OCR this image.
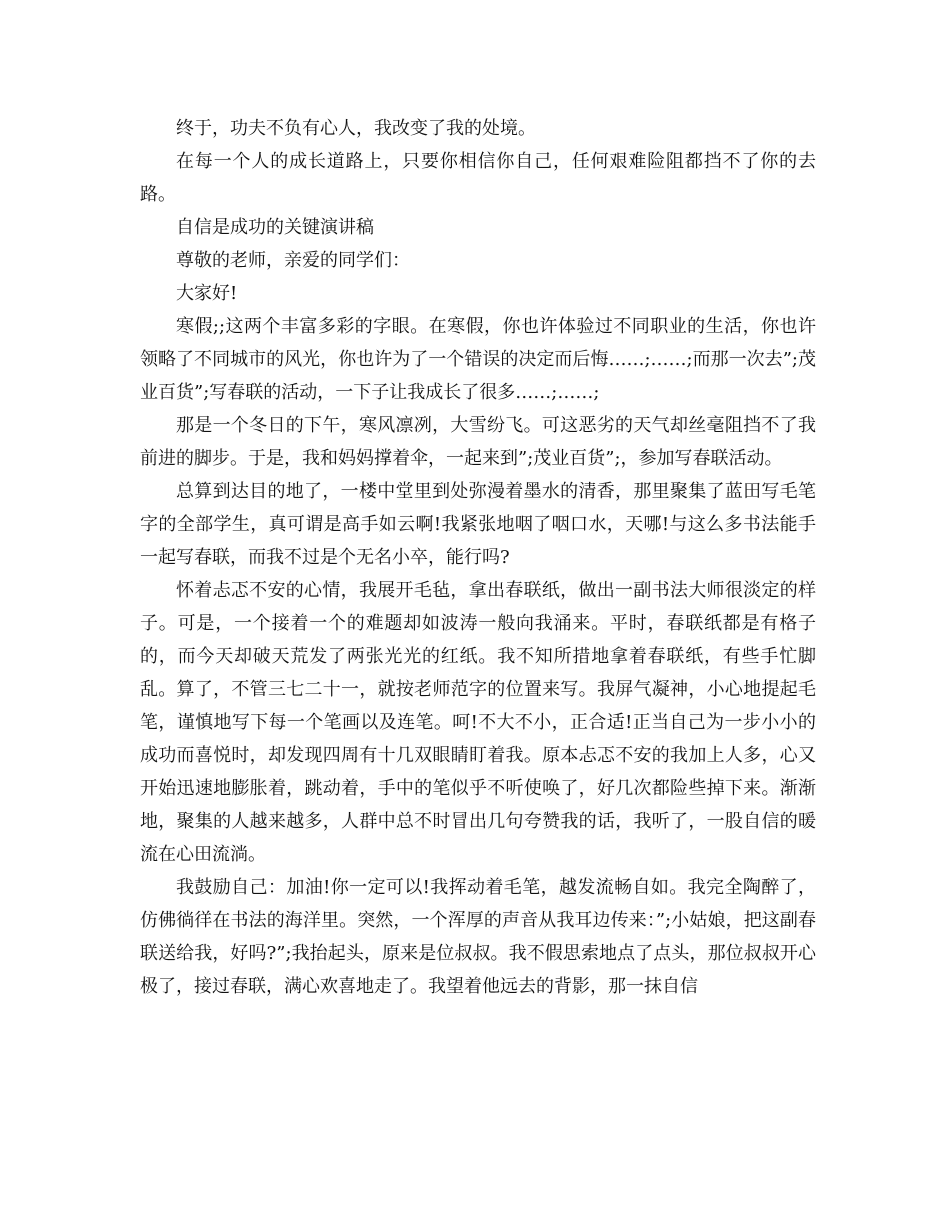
终于，功夫不负有心人，我改变了我的处境。

在每一个人的成长道路上，只要你相信你自己，任何艰难险阻都挡不了你的去路。

自信是成功的关键演讲稿

尊敬的老师，亲爱的同学们：

大家好!

寒假;;这两个丰富多彩的字眼。在寒假，你也许体验过不同职业的生活，你也许领略了不同城市的风光，你也许为了一个错误的决定而后悔……;……;而那一次去”;茂业百货”;写春联的活动，一下子让我成长了很多……;……;

那是一个冬日的下午，寒风凛冽，大雪纷飞。可这恶劣的天气却丝毫阻挡不了我前进的脚步。于是，我和妈妈撑着伞，一起来到”;茂业百货”;，参加写春联活动。

总算到达目的地了，一楼中堂里到处弥漫着墨水的清香，那里聚集了蓝田写毛笔字的全部学生，真可谓是高手如云啊!我紧张地咽了咽口水，天哪!与这么多书法能手一起写春联，而我不过是个无名小卒，能行吗?

怀着忐忑不安的心情，我展开毛毡，拿出春联纸，做出一副书法大师很淡定的样子。可是，一个接着一个的难题却如波涛一般向我涌来。平时，春联纸都是有格子的，而今天却破天荒发了两张光光的红纸。我不知所措地拿着春联纸，有些手忙脚乱。算了，不管三七二十一，就按老师范字的位置来写。我屏气凝神，小心地提起毛笔，谨慎地写下每一个笔画以及连笔。呵!不大不小，正合适!正当自己为一步小小的成功而喜悦时，却发现四周有十几双眼睛盯着我。原本忐忑不安的我加上人多，心又开始迅速地膨胀着，跳动着，手中的笔似乎不听使唤了，好几次都险些掉下来。渐渐地，聚集的人越来越多，人群中总不时冒出几句夸赞我的话，我听了，一股自信的暖流在心田流淌。

我鼓励自己：加油!你一定可以!我挥动着毛笔，越发流畅自如。我完全陶醉了，仿佛徜徉在书法的海洋里。突然，一个浑厚的声音从我耳边传来：”;小姑娘，把这副春联送给我，好吗?”;我抬起头，原来是位叔叔。我不假思索地点了点头，那位叔叔开心极了，接过春联，满心欢喜地走了。我望着他远去的背影，那一抹自信
